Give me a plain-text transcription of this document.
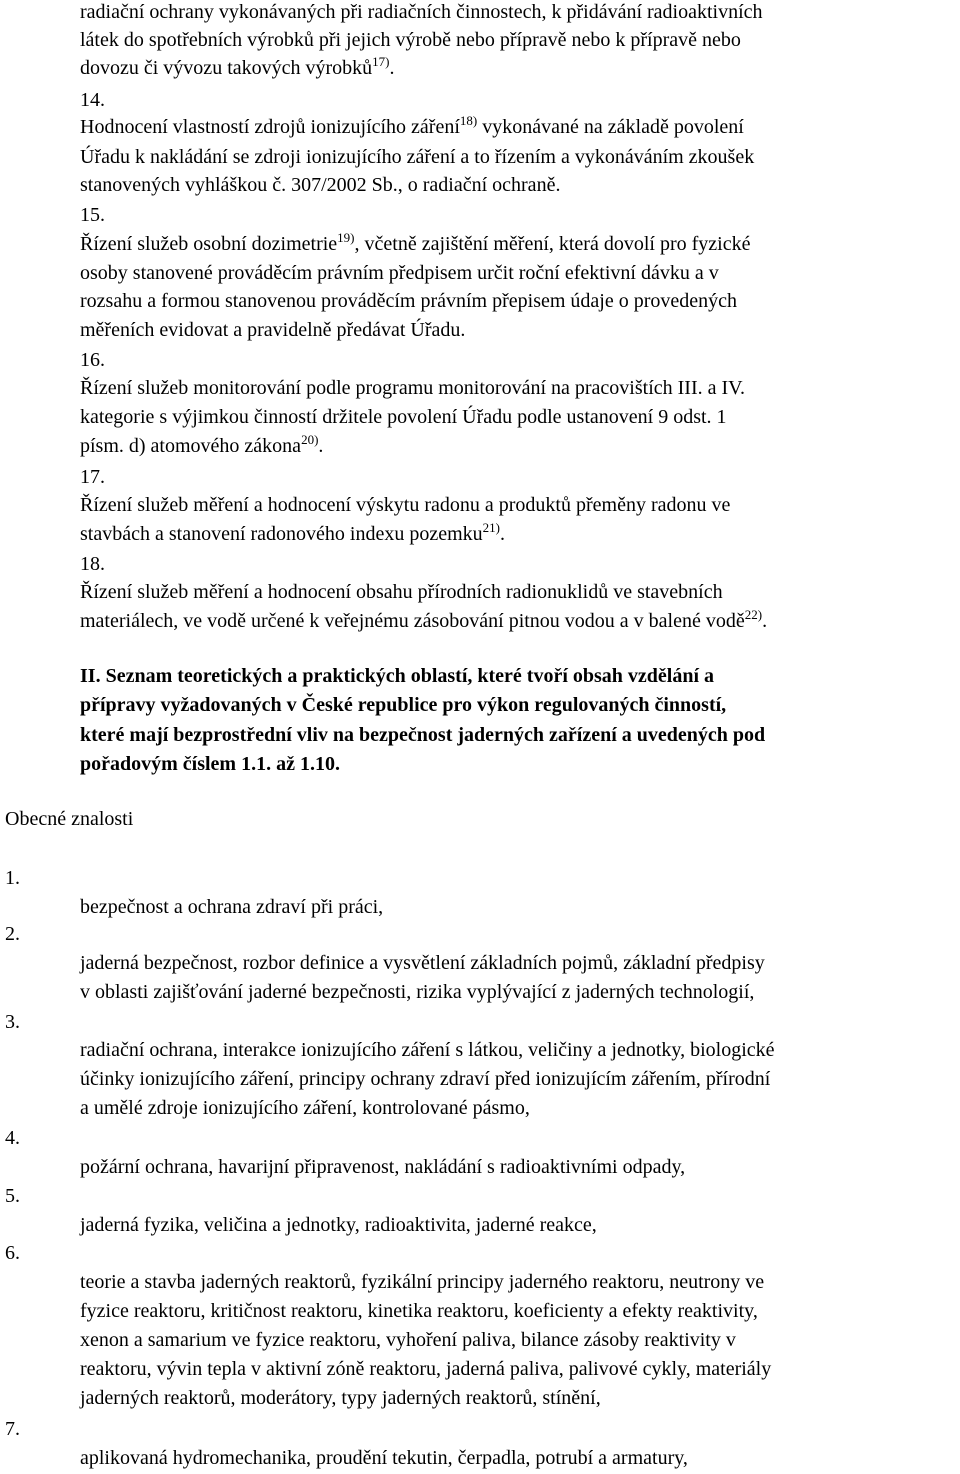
radiační ochrany vykonávaných při radiačních činnostech, k přidávání radioaktivních
látek do spotřebních výrobků při jejich výrobě nebo přípravě nebo k přípravě nebo
dovozu či vývozu takových výrobků$^{17)}$.
14.
Hodnocení vlastností zdrojů ionizujícího záření$^{18)}$ vykonávané na základě povolení
Úřadu k nakládání se zdroji ionizujícího záření a to řízením a vykonáváním zkoušek
stanovených vyhláškou č. 307/2002 Sb., o radiační ochraně.
15.
Řízení služeb osobní dozimetrie$^{19)}$, včetně zajištění měření, která dovolí pro fyzické
osoby stanovené prováděcím právním předpisem určit roční efektivní dávku a v
rozsahu a formou stanovenou prováděcím právním přepisem údaje o provedených
měřeních evidovat a pravidelně předávat Úřadu.
16.
Řízení služeb monitorování podle programu monitorování na pracovištích III. a IV.
kategorie s výjimkou činností držitele povolení Úřadu podle ustanovení 9 odst. 1
písm. d) atomového zákona$^{20)}$.
17.
Řízení služeb měření a hodnocení výskytu radonu a produktů přeměny radonu ve
stavbách a stanovení radonového indexu pozemku$^{21)}$.
18.
Řízení služeb měření a hodnocení obsahu přírodních radionuklidů ve stavebních
materiálech, ve vodě určené k veřejnému zásobování pitnou vodou a v balené vodě$^{22)}$.
II. Seznam teoretických a praktických oblastí, které tvoří obsah vzdělání a
přípravy vyžadovaných v České republice pro výkon regulovaných činností,
které mají bezprostřední vliv na bezpečnost jaderných zařízení a uvedených pod
pořadovým číslem 1.1. až 1.10.
Obecné znalosti
1.
bezpečnost a ochrana zdraví při práci,
2.
jaderná bezpečnost, rozbor definice a vysvětlení základních pojmů, základní předpisy
v oblasti zajišťování jaderné bezpečnosti, rizika vyplývající z jaderných technologií,
3.
radiační ochrana, interakce ionizujícího záření s látkou, veličiny a jednotky, biologické
účinky ionizujícího záření, principy ochrany zdraví před ionizujícím zářením, přírodní
a umělé zdroje ionizujícího záření, kontrolované pásmo,
4.
požární ochrana, havarijní připravenost, nakládání s radioaktivními odpady,
5.
jaderná fyzika, veličina a jednotky, radioaktivita, jaderné reakce,
6.
teorie a stavba jaderných reaktorů, fyzikální principy jaderného reaktoru, neutrony ve
fyzice reaktoru, kritičnost reaktoru, kinetika reaktoru, koeficienty a efekty reaktivity,
xenon a samarium ve fyzice reaktoru, vyhoření paliva, bilance zásoby reaktivity v
reaktoru, vývin tepla v aktivní zóně reaktoru, jaderná paliva, palivové cykly, materiály
jaderných reaktorů, moderátory, typy jaderných reaktorů, stínění,
7.
aplikovaná hydromechanika, proudění tekutin, čerpadla, potrubí a armatury,
